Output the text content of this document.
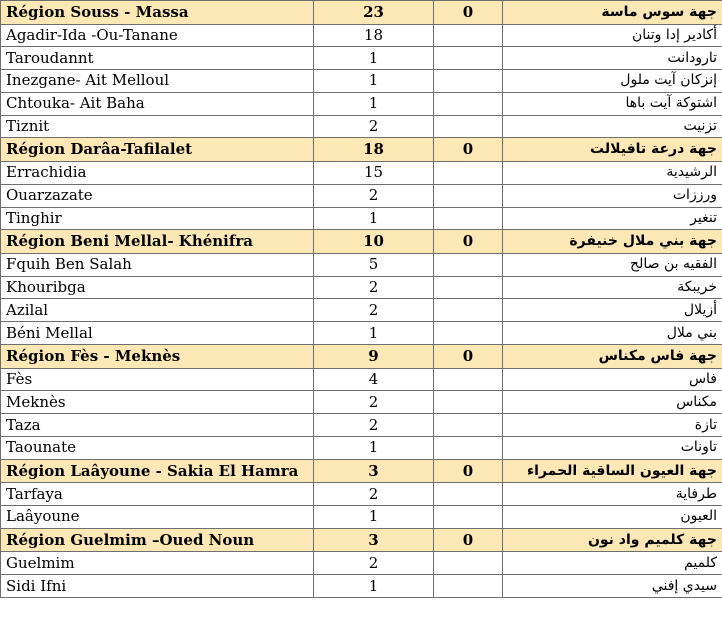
Région Souss - Massa	23	0	جهة سوس ماسة
Agadir-Ida -Ou-Tanane	18		أكادير إدا وتنان
Taroudannt	1		تارودانت
Inezgane- Ait Melloul	1		إنزكان آيت ملول
Chtouka- Ait Baha	1		اشتوكة آيت باها
Tiznit	2		تزنيت
Région Darâa-Tafilalet	18	0	جهة درعة تافيلالت
Errachidia	15		الرشيدية
Ouarzazate	2		ورززات
Tinghir	1		تنغير
Région Beni Mellal- Khénifra	10	0	جهة بني ملال خنيفرة
Fquih Ben Salah	5		الفقيه بن صالح
Khouribga	2		خريبكة
Azilal	2		أزيلال
Béni Mellal	1		بني ملال
Région Fès - Meknès	9	0	جهة فاس مكناس
Fès	4		فاس
Meknès	2		مكناس
Taza	2		تازة
Taounate	1		تاونات
Région Laâyoune - Sakia El Hamra	3	0	جهة العيون الساقية الحمراء
Tarfaya	2		طرفاية
Laâyoune	1		العيون
Région Guelmim –Oued Noun	3	0	جهة كلميم واد نون
Guelmim	2		كلميم
Sidi Ifni	1		سيدي إفني
